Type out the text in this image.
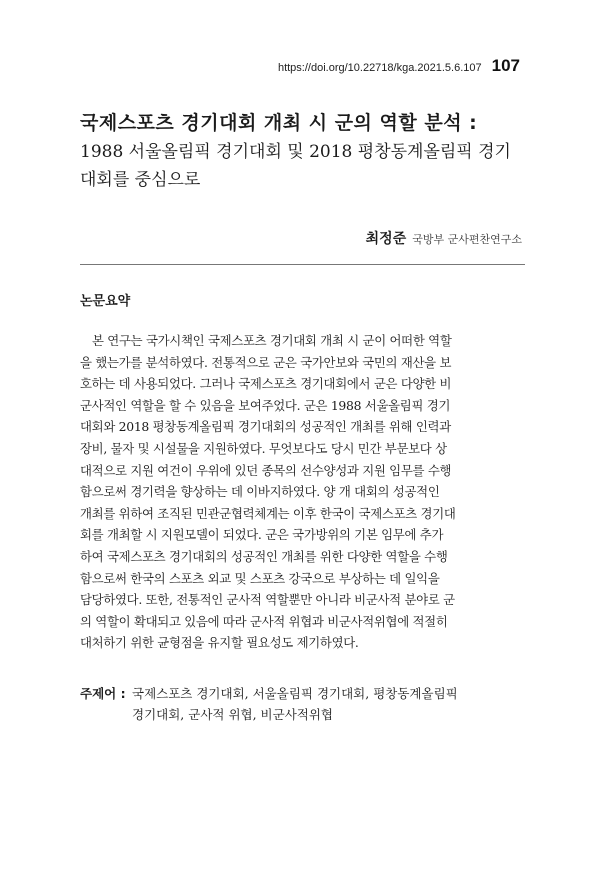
https://doi.org/10.22718/kga.2021.5.6.107 107
국제스포츠 경기대회 개최 시 군의 역할 분석 :
1988 서울올림픽 경기대회 및 2018 평창동계올림픽 경기
대회를 중심으로
최정준 국방부 군사편찬연구소
논문요약
본 연구는 국가시책인 국제스포츠 경기대회 개최 시 군이 어떠한 역할
을 했는가를 분석하였다. 전통적으로 군은 국가안보와 국민의 재산을 보
호하는 데 사용되었다. 그러나 국제스포츠 경기대회에서 군은 다양한 비
군사적인 역할을 할 수 있음을 보여주었다. 군은 1988 서울올림픽 경기
대회와 2018 평창동계올림픽 경기대회의 성공적인 개최를 위해 인력과
장비, 물자 및 시설물을 지원하였다. 무엇보다도 당시 민간 부문보다 상
대적으로 지원 여건이 우위에 있던 종목의 선수양성과 지원 임무를 수행
함으로써 경기력을 향상하는 데 이바지하였다. 양 개 대회의 성공적인
개최를 위하여 조직된 민관군협력체계는 이후 한국이 국제스포츠 경기대
회를 개최할 시 지원모델이 되었다. 군은 국가방위의 기본 임무에 추가
하여 국제스포츠 경기대회의 성공적인 개최를 위한 다양한 역할을 수행
함으로써 한국의 스포츠 외교 및 스포츠 강국으로 부상하는 데 일익을
담당하였다. 또한, 전통적인 군사적 역할뿐만 아니라 비군사적 분야로 군
의 역할이 확대되고 있음에 따라 군사적 위협과 비군사적위협에 적절히
대처하기 위한 균형점을 유지할 필요성도 제기하였다.
주제어 : 국제스포츠 경기대회, 서울올림픽 경기대회, 평창동계올림픽
경기대회, 군사적 위협, 비군사적위협
